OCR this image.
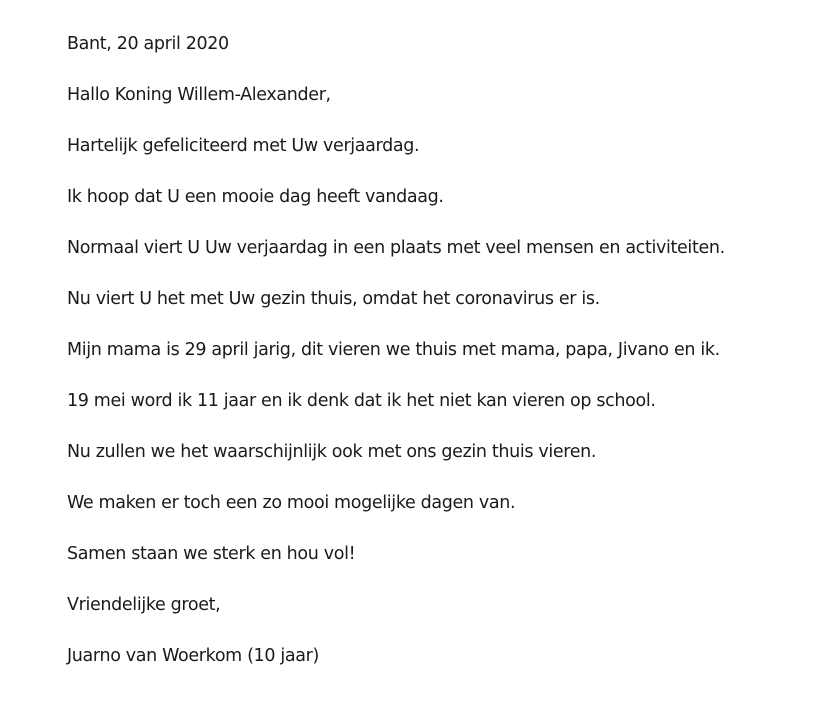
Bant, 20 april 2020
Hallo Koning Willem-Alexander,
Hartelijk gefeliciteerd met Uw verjaardag.
Ik hoop dat U een mooie dag heeft vandaag.
Normaal viert U Uw verjaardag in een plaats met veel mensen en activiteiten.
Nu viert U het met Uw gezin thuis, omdat het coronavirus er is.
Mijn mama is 29 april jarig, dit vieren we thuis met mama, papa, Jivano en ik.
19 mei word ik 11 jaar en ik denk dat ik het niet kan vieren op school.
Nu zullen we het waarschijnlijk ook met ons gezin thuis vieren.
We maken er toch een zo mooi mogelijke dagen van.
Samen staan we sterk en hou vol!
Vriendelijke groet,
Juarno van Woerkom (10 jaar)
